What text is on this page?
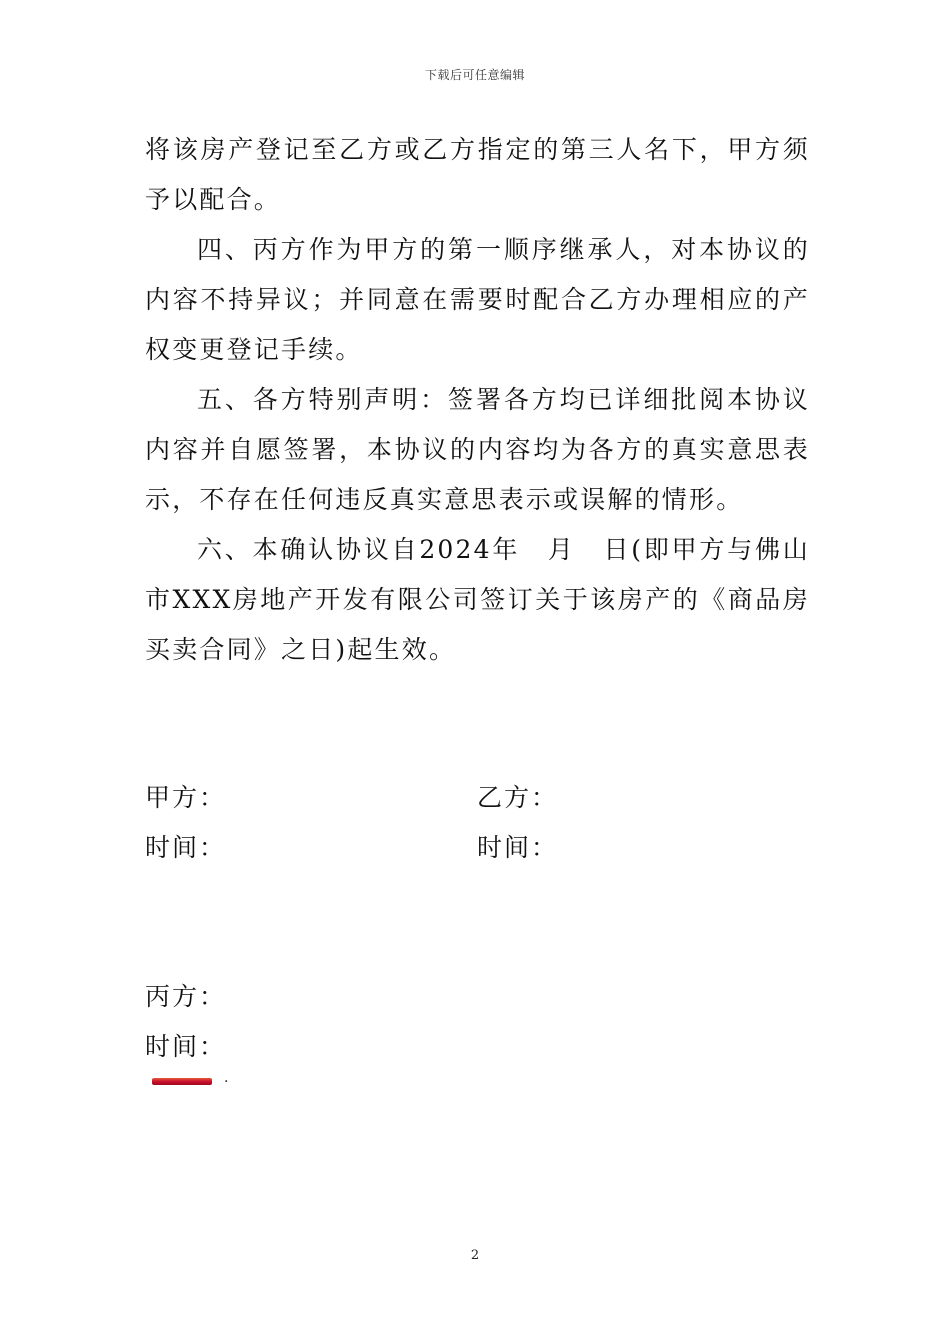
下载后可任意编辑

将该房产登记至乙方或乙方指定的第三人名下，甲方须予以配合。

四、丙方作为甲方的第一顺序继承人，对本协议的内容不持异议；并同意在需要时配合乙方办理相应的产权变更登记手续。

五、各方特别声明：签署各方均已详细批阅本协议内容并自愿签署，本协议的内容均为各方的真实意思表示，不存在任何违反真实意思表示或误解的情形。

六、本确认协议自2024年　月　日(即甲方与佛山市XXX房地产开发有限公司签订关于该房产的《商品房买卖合同》之日)起生效。

甲方：
时间：
乙方：
时间：
丙方：
时间：
.
2
